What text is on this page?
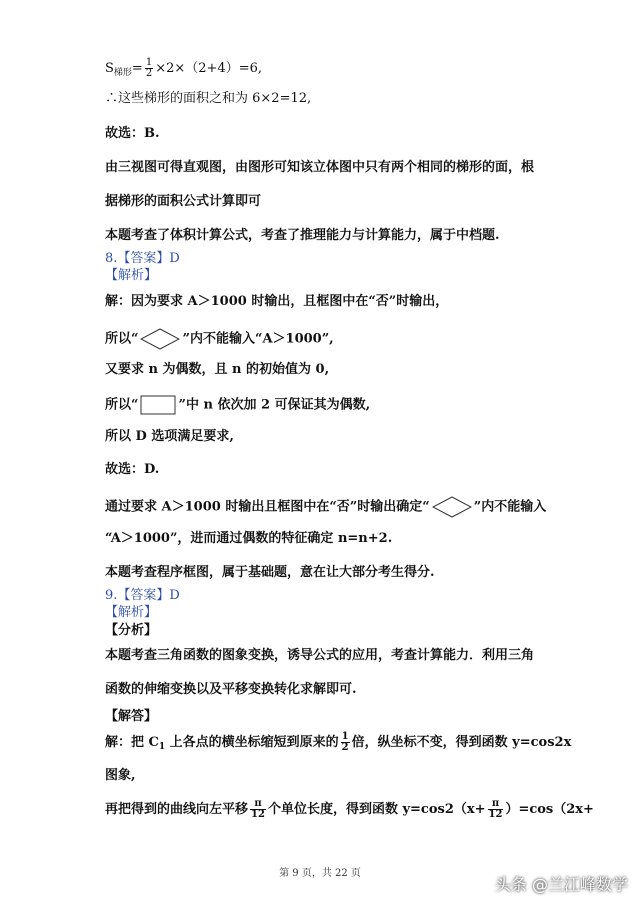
$S_{梯形}= \frac{1}{2} \times 2\times(2+4)=6$,
∴这些梯形的面积之和为 6×2=12,
故选：B.
由三视图可得直观图，由图形可知该立体图中只有两个相同的梯形的面，根
据梯形的面积公式计算即可
本题考查了体积计算公式，考查了推理能力与计算能力，属于中档题.
8.【答案】D
【解析】
解：因为要求 A＞1000 时输出，且框图中在“否”时输出，
所以“	”内不能输入“A＞1000”,
又要求 n 为偶数，且 n 的初始值为 0,
所以“	”中 n 依次加 2 可保证其为偶数,
所以 D 选项满足要求,
故选：D.
通过要求 A＞1000 时输出且框图中在“否”时输出确定“	”内不能输入
“A＞1000”，进而通过偶数的特征确定 n=n+2.
本题考查程序框图，属于基础题，意在让大部分考生得分.
9.【答案】D
【解析】
【分析】
本题考查三角函数的图象变换，诱导公式的应用，考查计算能力．利用三角
函数的伸缩变换以及平移变换转化求解即可.
【解答】
解：把 $C_1$ 上各点的横坐标缩短到原来的 $\frac{1}{2}$ 倍，纵坐标不变，得到函数 y=cos2x
图象,
再把得到的曲线向左平移 $\frac{\pi}{12}$ 个单位长度，得到函数 $y=\cos 2(x+ \frac{\pi}{12} )=\cos(2x+$
第 9 页，共 22 页
头条 @兰江峰数学
